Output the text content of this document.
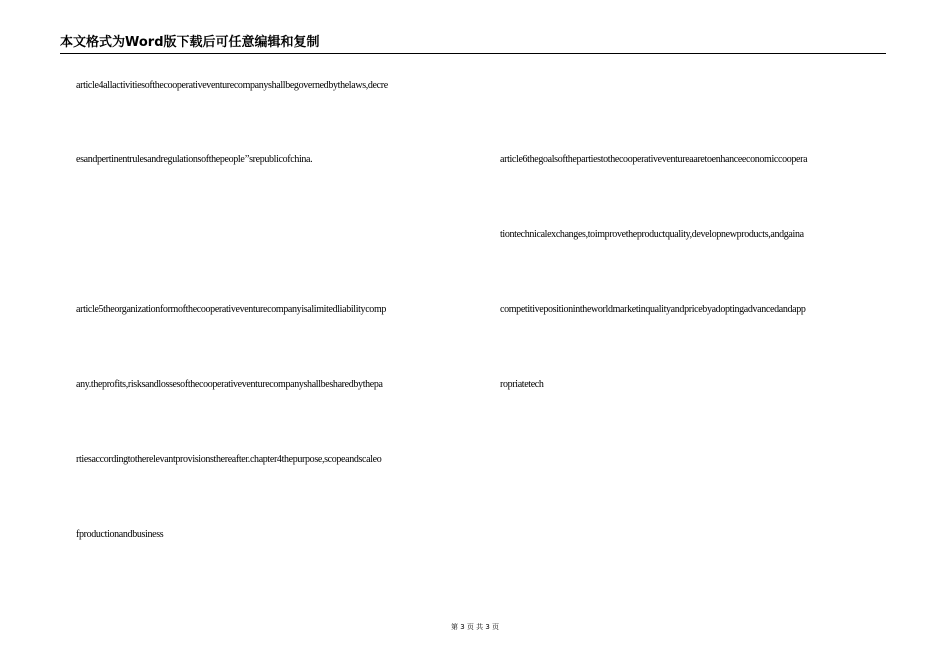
本文格式为Word版下载后可任意编辑和复制
article4allactivitiesofthecooperativeventurecompanyshallbegovernedbythelaws,decre
esandpertinentrulesandregulationsofthepeople’’srepublicofchina.
article5theorganizationformofthecooperativeventurecompanyisalimitedliabilitycomp
any.theprofits,risksandlossesofthecooperativeventurecompanyshallbesharedbythepa
rtiesaccordingtotherelevantprovisionsthereafter.chapter4thepurpose,scopeandscaleo
fproductionandbusiness
article6thegoalsofthepartiestothecooperativeventureaaretoenhanceeconomiccoopera
tiontechnicalexchanges,toimprovetheproductquality,developnewproducts,andgaina
competitivepositionintheworldmarketinqualityandpricebyadoptingadvancedandapp
ropriatetech
第 3 页 共 3 页
